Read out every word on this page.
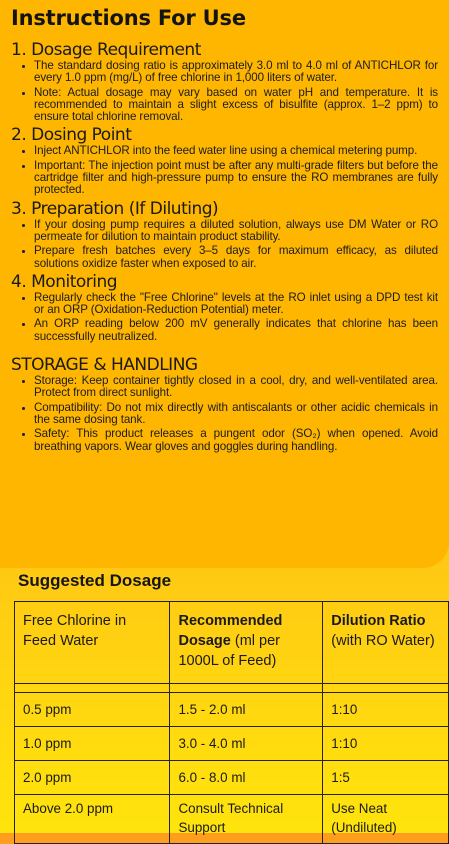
Instructions For Use

1. Dosage Requirement

• The standard dosing ratio is approximately 3.0 ml to 4.0 ml of ANTICHLOR for every 1.0 ppm (mg/L) of free chlorine in 1,000 liters of water.
• Note: Actual dosage may vary based on water pH and temperature. It is recommended to maintain a slight excess of bisulfite (approx. 1–2 ppm) to ensure total chlorine removal.

2. Dosing Point

• Inject ANTICHLOR into the feed water line using a chemical metering pump.
• Important: The injection point must be after any multi-grade filters but before the cartridge filter and high-pressure pump to ensure the RO membranes are fully protected.

3. Preparation (If Diluting)

• If your dosing pump requires a diluted solution, always use DM Water or RO permeate for dilution to maintain product stability.
• Prepare fresh batches every 3–5 days for maximum efficacy, as diluted solutions oxidize faster when exposed to air.

4. Monitoring

• Regularly check the "Free Chlorine" levels at the RO inlet using a DPD test kit or an ORP (Oxidation-Reduction Potential) meter.
• An ORP reading below 200 mV generally indicates that chlorine has been successfully neutralized.

STORAGE & HANDLING

• Storage: Keep container tightly closed in a cool, dry, and well-ventilated area. Protect from direct sunlight.
• Compatibility: Do not mix directly with antiscalants or other acidic chemicals in the same dosing tank.
• Safety: This product releases a pungent odor (SO₂) when opened. Avoid breathing vapors. Wear gloves and goggles during handling.
Suggested Dosage
Free Chlorine in Feed Water	Recommended Dosage (ml per 1000L of Feed)	Dilution Ratio (with RO Water)

0.5 ppm	1.5 - 2.0 ml	1:10
1.0 ppm	3.0 - 4.0 ml	1:10
2.0 ppm	6.0 - 8.0 ml	1:5
Above 2.0 ppm	Consult Technical Support	Use Neat (Undiluted)
